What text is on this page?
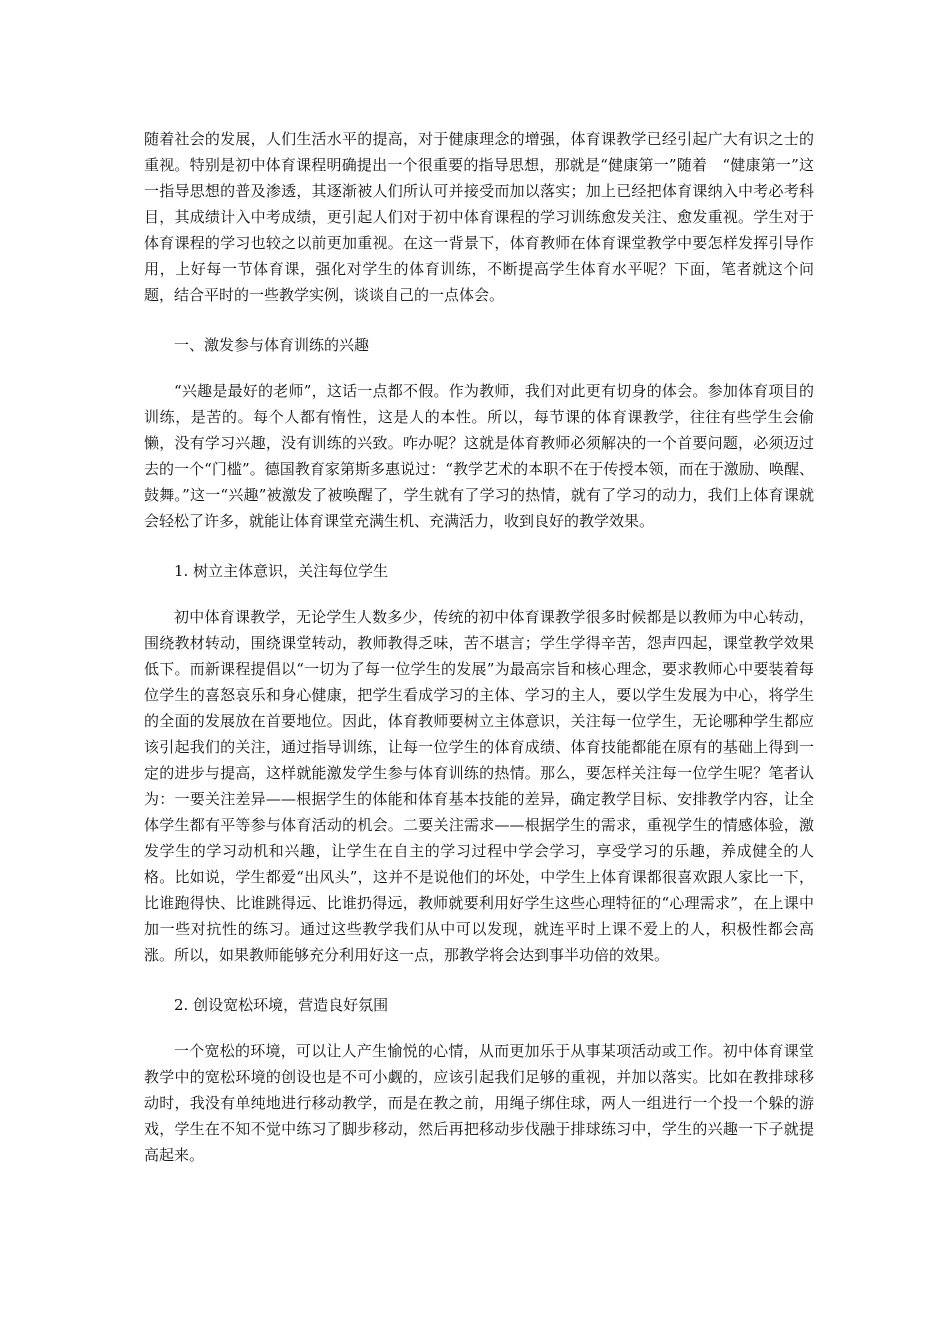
随着社会的发展，人们生活水平的提高，对于健康理念的增强，体育课教学已经引起广大有识之士的重视。特别是初中体育课程明确提出一个很重要的指导思想，那就是“健康第一”随着　“健康第一”这一指导思想的普及渗透，其逐渐被人们所认可并接受而加以落实；加上已经把体育课纳入中考必考科目，其成绩计入中考成绩，更引起人们对于初中体育课程的学习训练愈发关注、愈发重视。学生对于体育课程的学习也较之以前更加重视。在这一背景下，体育教师在体育课堂教学中要怎样发挥引导作用，上好每一节体育课，强化对学生的体育训练，不断提高学生体育水平呢？下面，笔者就这个问题，结合平时的一些教学实例，谈谈自己的一点体会。

一、激发参与体育训练的兴趣

“兴趣是最好的老师”，这话一点都不假。作为教师，我们对此更有切身的体会。参加体育项目的训练，是苦的。每个人都有惰性，这是人的本性。所以，每节课的体育课教学，往往有些学生会偷懒，没有学习兴趣，没有训练的兴致。咋办呢？这就是体育教师必须解决的一个首要问题，必须迈过去的一个“门槛”。德国教育家第斯多惠说过：“教学艺术的本职不在于传授本领，而在于激励、唤醒、鼓舞。”这一“兴趣”被激发了被唤醒了，学生就有了学习的热情，就有了学习的动力，我们上体育课就会轻松了许多，就能让体育课堂充满生机、充满活力，收到良好的教学效果。

1. 树立主体意识，关注每位学生

初中体育课教学，无论学生人数多少，传统的初中体育课教学很多时候都是以教师为中心转动，围绕教材转动，围绕课堂转动，教师教得乏味，苦不堪言；学生学得辛苦，怨声四起，课堂教学效果低下。而新课程提倡以“一切为了每一位学生的发展”为最高宗旨和核心理念，要求教师心中要装着每位学生的喜怒哀乐和身心健康，把学生看成学习的主体、学习的主人，要以学生发展为中心，将学生的全面的发展放在首要地位。因此，体育教师要树立主体意识，关注每一位学生，无论哪种学生都应该引起我们的关注，通过指导训练，让每一位学生的体育成绩、体育技能都能在原有的基础上得到一定的进步与提高，这样就能激发学生参与体育训练的热情。那么，要怎样关注每一位学生呢？笔者认为：一要关注差异——根据学生的体能和体育基本技能的差异，确定教学目标、安排教学内容，让全体学生都有平等参与体育活动的机会。二要关注需求——根据学生的需求，重视学生的情感体验，激发学生的学习动机和兴趣，让学生在自主的学习过程中学会学习，享受学习的乐趣，养成健全的人格。比如说，学生都爱“出风头”，这并不是说他们的坏处，中学生上体育课都很喜欢跟人家比一下，比谁跑得快、比谁跳得远、比谁扔得远，教师就要利用好学生这些心理特征的“心理需求”，在上课中加一些对抗性的练习。通过这些教学我们从中可以发现，就连平时上课不爱上的人，积极性都会高涨。所以，如果教师能够充分利用好这一点，那教学将会达到事半功倍的效果。

2. 创设宽松环境，营造良好氛围

一个宽松的环境，可以让人产生愉悦的心情，从而更加乐于从事某项活动或工作。初中体育课堂教学中的宽松环境的创设也是不可小觑的，应该引起我们足够的重视，并加以落实。比如在教排球移动时，我没有单纯地进行移动教学，而是在教之前，用绳子绑住球，两人一组进行一个投一个躲的游戏，学生在不知不觉中练习了脚步移动，然后再把移动步伐融于排球练习中，学生的兴趣一下子就提高起来。
